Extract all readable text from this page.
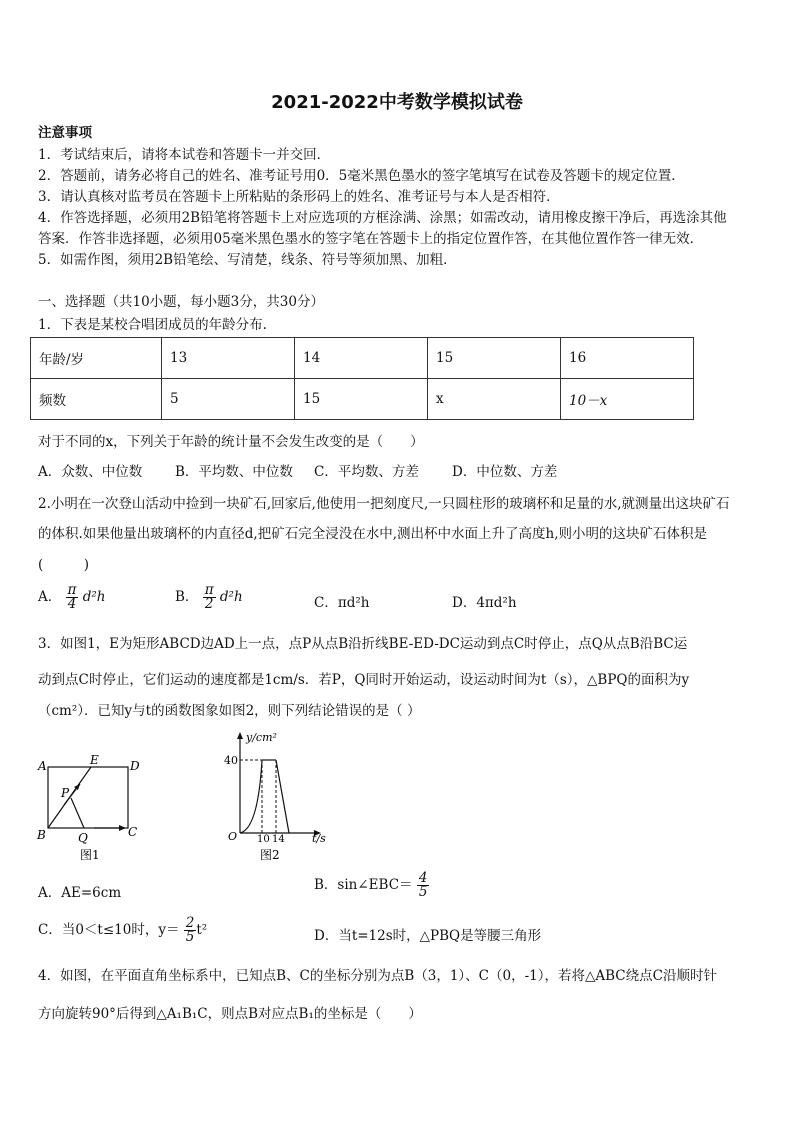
2021-2022中考数学模拟试卷
注意事项
1．考试结束后，请将本试卷和答题卡一并交回．
2．答题前，请务必将自己的姓名、准考证号用0．5毫米黑色墨水的签字笔填写在试卷及答题卡的规定位置．
3．请认真核对监考员在答题卡上所粘贴的条形码上的姓名、准考证号与本人是否相符．
4．作答选择题，必须用2B铅笔将答题卡上对应选项的方框涂满、涂黑；如需改动，请用橡皮擦干净后，再选涂其他
答案．作答非选择题，必须用05毫米黑色墨水的签字笔在答题卡上的指定位置作答，在其他位置作答一律无效．
5．如需作图，须用2B铅笔绘、写清楚，线条、符号等须加黑、加粗．
一、选择题（共10小题，每小题3分，共30分）
1．下表是某校合唱团成员的年龄分布.
年龄/岁	13	14	15	16
频数	5	15	x	10－x
对于不同的x，下列关于年龄的统计量不会发生改变的是（　　）
A．众数、中位数 B．平均数、中位数 C．平均数、方差 D．中位数、方差
2.小明在一次登山活动中捡到一块矿石,回家后,他使用一把刻度尺,一只圆柱形的玻璃杯和足量的水,就测量出这块矿石
的体积.如果他量出玻璃杯的内直径d,把矿石完全浸没在水中,测出杯中水面上升了高度h,则小明的这块矿石体积是
(　　　)
A． $\frac{\pi}{4} d^2h$	B． $\frac{\pi}{2} d^2h$	C．πd²h	D．4πd²h
3．如图1，E为矩形ABCD边AD上一点，点P从点B沿折线BE-ED-DC运动到点C时停止，点Q从点B沿BC运
动到点C时停止，它们运动的速度都是1cm/s．若P，Q同时开始运动，设运动时间为t（s），△BPQ的面积为y
（cm²）．已知y与t的函数图象如图2，则下列结论错误的是（ ）
A	E	D
P
B	Q	C
图1
y/cm²
40
O 10 14 t/s
图2
A．AE=6cm	B．sin∠EBC＝ $\frac{4}{5}$
C．当0＜t≤10时，$y= \frac{2}{5} t^2$	D．当t=12s时，△PBQ是等腰三角形
4．如图，在平面直角坐标系中，已知点B、C的坐标分别为点B（3，1）、C（0，-1），若将△ABC绕点C沿顺时针
方向旋转90°后得到△A₁B₁C，则点B对应点B₁的坐标是（　　）
